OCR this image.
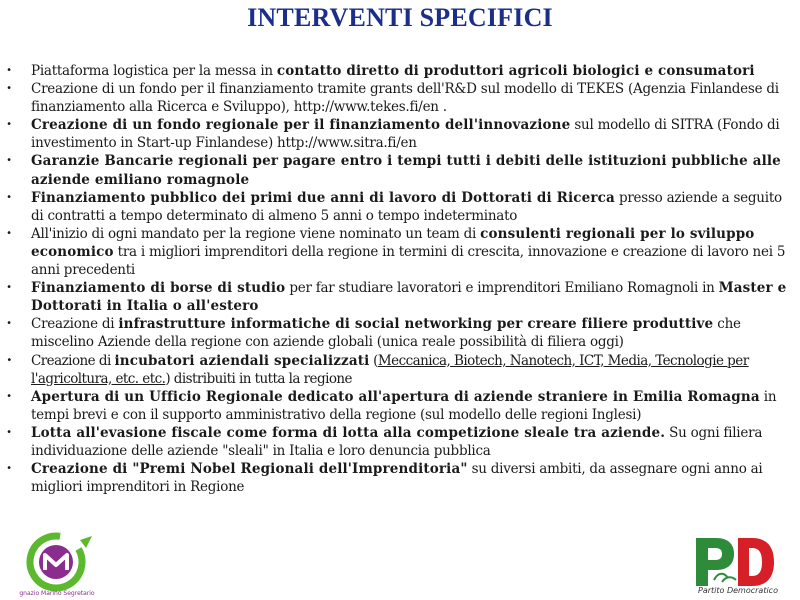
INTERVENTI SPECIFICI
• Piattaforma logistica per la messa in contatto diretto di produttori agricoli biologici e consumatori
• Creazione di un fondo per il finanziamento tramite grants dell'R&D sul modello di TEKES (Agenzia Finlandese di finanziamento alla Ricerca e Sviluppo), http://www.tekes.fi/en .
• Creazione di un fondo regionale per il finanziamento dell'innovazione sul modello di SITRA (Fondo di investimento in Start-up Finlandese) http://www.sitra.fi/en
• Garanzie Bancarie regionali per pagare entro i tempi tutti i debiti delle istituzioni pubbliche alle aziende emiliano romagnole
• Finanziamento pubblico dei primi due anni di lavoro di Dottorati di Ricerca presso aziende a seguito di contratti a tempo determinato di almeno 5 anni o tempo indeterminato
• All'inizio di ogni mandato per la regione viene nominato un team di consulenti regionali per lo sviluppo economico tra i migliori imprenditori della regione in termini di crescita, innovazione e creazione di lavoro nei 5 anni precedenti
• Finanziamento di borse di studio per far studiare lavoratori e imprenditori Emiliano Romagnoli in Master e Dottorati in Italia o all'estero
• Creazione di infrastrutture informatiche di social networking per creare filiere produttive che miscelino Aziende della regione con aziende globali (unica reale possibilità di filiera oggi)
• Creazione di incubatori aziendali specializzati (Meccanica, Biotech, Nanotech, ICT, Media, Tecnologie per l'agricoltura, etc. etc.) distribuiti in tutta la regione
• Apertura di un Ufficio Regionale dedicato all'apertura di aziende straniere in Emilia Romagna in tempi brevi e con il supporto amministrativo della regione (sul modello delle regioni Inglesi)
• Lotta all'evasione fiscale come forma di lotta alla competizione sleale tra aziende. Su ogni filiera individuazione delle aziende "sleali" in Italia e loro denuncia pubblica
• Creazione di "Premi Nobel Regionali dell'Imprenditoria" su diversi ambiti, da assegnare ogni anno ai migliori imprenditori in Regione
gnazio Marino Segretario	Partito Democratico
